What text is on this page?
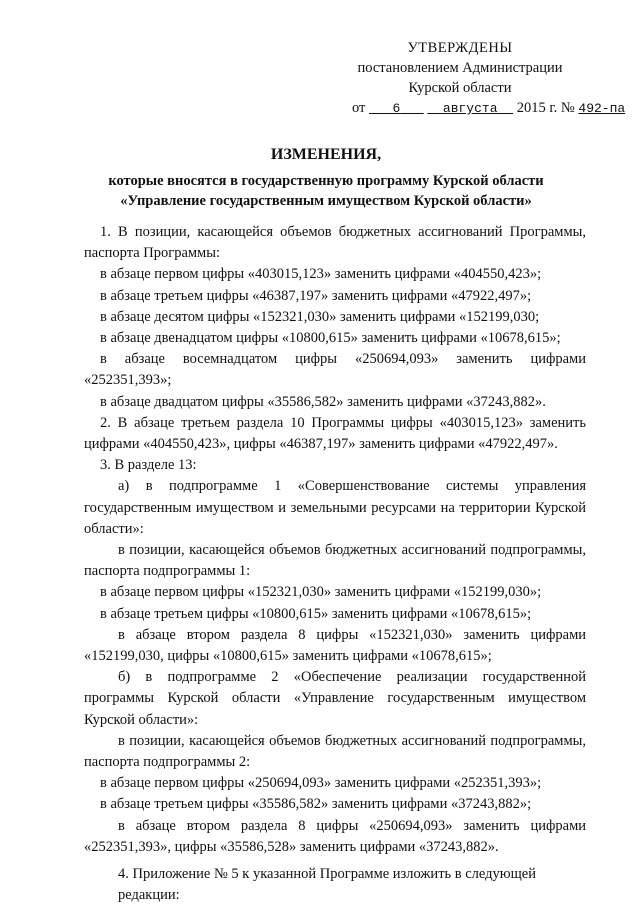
УТВЕРЖДЕНЫ
постановлением Администрации
Курской области
от 6	августа 2015 г. № 492-па
ИЗМЕНЕНИЯ,
которые вносятся в государственную программу Курской области
«Управление государственным имуществом Курской области»

1. В позиции, касающейся объемов бюджетных ассигнований Программы, паспорта Программы:

в абзаце первом цифры «403015,123» заменить цифрами «404550,423»;

в абзаце третьем цифры «46387,197» заменить цифрами «47922,497»;

в абзаце десятом цифры «152321,030» заменить цифрами «152199,030;

в абзаце двенадцатом цифры «10800,615» заменить цифрами «10678,615»;

в абзаце восемнадцатом цифры «250694,093» заменить цифрами «252351,393»;

в абзаце двадцатом цифры «35586,582» заменить цифрами «37243,882».

2. В абзаце третьем раздела 10 Программы цифры «403015,123» заменить цифрами «404550,423», цифры «46387,197» заменить цифрами «47922,497».

3. В разделе 13:

а) в подпрограмме 1 «Совершенствование системы управления государственным имуществом и земельными ресурсами на территории Курской области»:

в позиции, касающейся объемов бюджетных ассигнований подпрограммы, паспорта подпрограммы 1:

в абзаце первом цифры «152321,030» заменить цифрами «152199,030»;

в абзаце третьем цифры «10800,615» заменить цифрами «10678,615»;

в абзаце втором раздела 8 цифры «152321,030» заменить цифрами «152199,030, цифры «10800,615» заменить цифрами «10678,615»;

б) в подпрограмме 2 «Обеспечение реализации государственной программы Курской области «Управление государственным имуществом Курской области»:

в позиции, касающейся объемов бюджетных ассигнований подпрограммы, паспорта подпрограммы 2:

в абзаце первом цифры «250694,093» заменить цифрами «252351,393»;

в абзаце третьем цифры «35586,582» заменить цифрами «37243,882»;

в абзаце втором раздела 8 цифры «250694,093» заменить цифрами «252351,393», цифры «35586,528» заменить цифрами «37243,882».

4. Приложение № 5 к указанной Программе изложить в следующей редакции:
